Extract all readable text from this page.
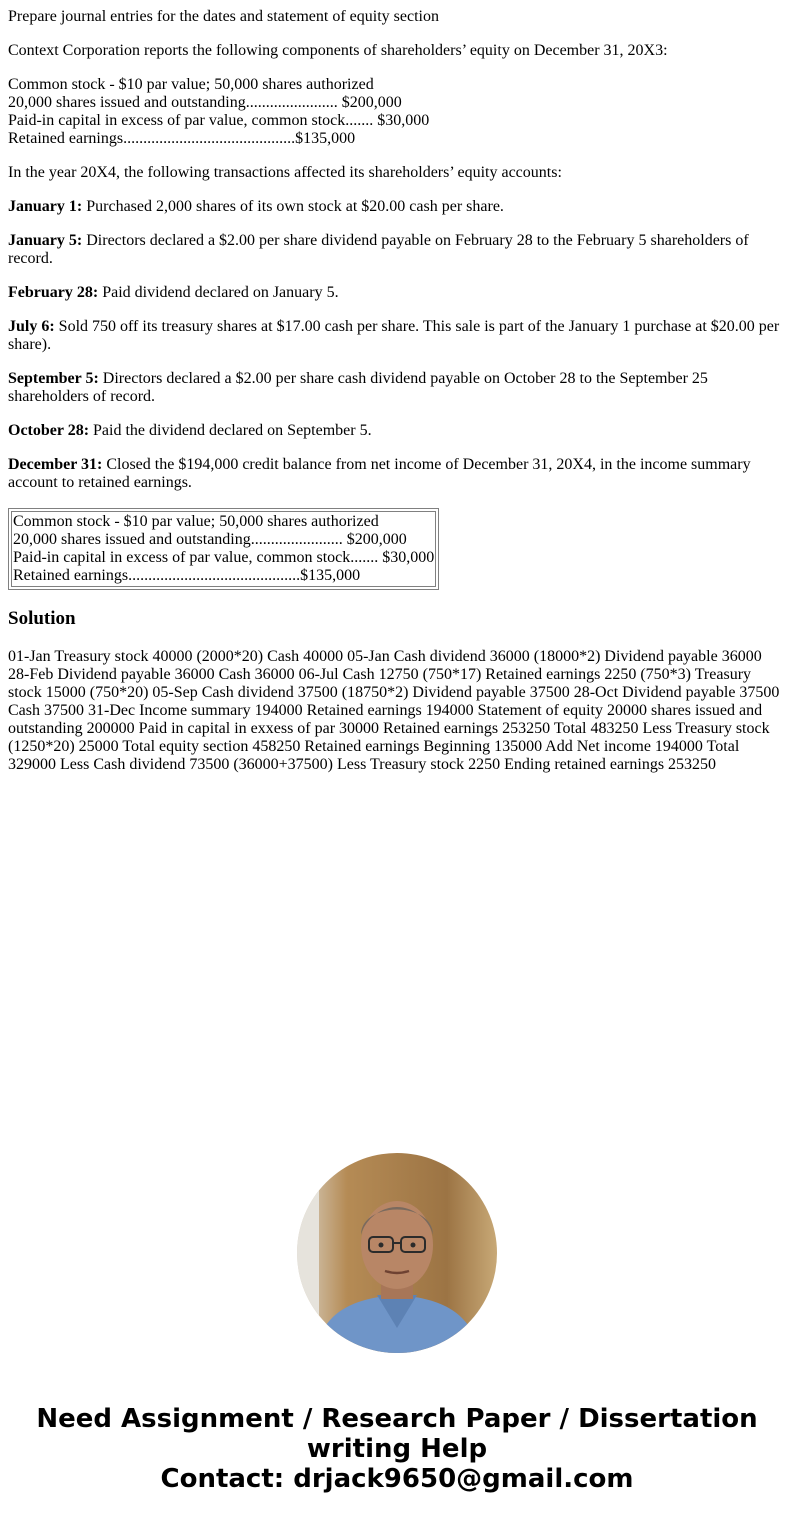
Prepare journal entries for the dates and statement of equity section

Context Corporation reports the following components of shareholders’ equity on December 31, 20X3:

Common stock - $10 par value; 50,000 shares authorized
20,000 shares issued and outstanding....................... $200,000
Paid-in capital in excess of par value, common stock....... $30,000
Retained earnings...........................................$135,000

In the year 20X4, the following transactions affected its shareholders’ equity accounts:

January 1: Purchased 2,000 shares of its own stock at $20.00 cash per share.

January 5: Directors declared a $2.00 per share dividend payable on February 28 to the February 5 shareholders of record.

February 28: Paid dividend declared on January 5.

July 6: Sold 750 off its treasury shares at $17.00 cash per share. This sale is part of the January 1 purchase at $20.00 per share).

September 5: Directors declared a $2.00 per share cash dividend payable on October 28 to the September 25 shareholders of record.

October 28: Paid the dividend declared on September 5.

December 31: Closed the $194,000 credit balance from net income of December 31, 20X4, in the income summary account to retained earnings.

Common stock - $10 par value; 50,000 shares authorized
20,000 shares issued and outstanding....................... $200,000
Paid-in capital in excess of par value, common stock....... $30,000
Retained earnings...........................................$135,000
Solution

01-Jan Treasury stock 40000 (2000*20) Cash 40000 05-Jan Cash dividend 36000 (18000*2) Dividend payable 36000 28-Feb Dividend payable 36000 Cash 36000 06-Jul Cash 12750 (750*17) Retained earnings 2250 (750*3) Treasury stock 15000 (750*20) 05-Sep Cash dividend 37500 (18750*2) Dividend payable 37500 28-Oct Dividend payable 37500 Cash 37500 31-Dec Income summary 194000 Retained earnings 194000 Statement of equity 20000 shares issued and outstanding 200000 Paid in capital in exxess of par 30000 Retained earnings 253250 Total 483250 Less Treasury stock (1250*20) 25000 Total equity section 458250 Retained earnings Beginning 135000 Add Net income 194000 Total 329000 Less Cash dividend 73500 (36000+37500) Less Treasury stock 2250 Ending retained earnings 253250

Need Assignment / Research Paper / Dissertation
writing Help
Contact: drjack9650@gmail.com
